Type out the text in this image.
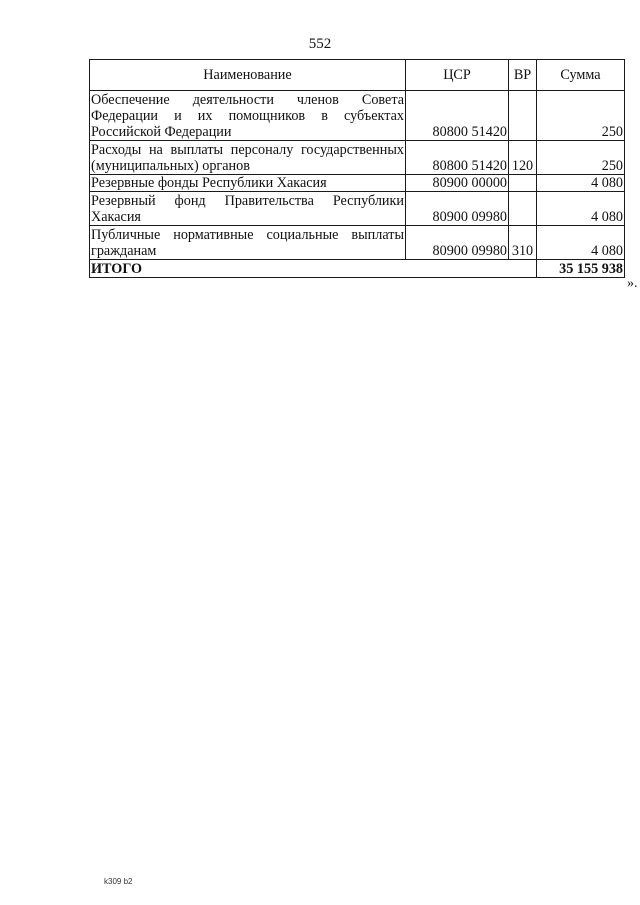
552
Наименование	ЦСР	ВР	Сумма
Обеспечение деятельности членов Совета Федерации и их помощников в субъектах Российской Федерации	80800 51420		250
Расходы на выплаты персоналу государственных (муниципальных) органов	80800 51420	120	250
Резервные фонды Республики Хакасия	80900 00000		4 080
Резервный фонд Правительства Республики Хакасия	80900 09980		4 080
Публичные нормативные социальные выплаты гражданам	80900 09980	310	4 080
ИТОГО			35 155 938
».
k309 b2
